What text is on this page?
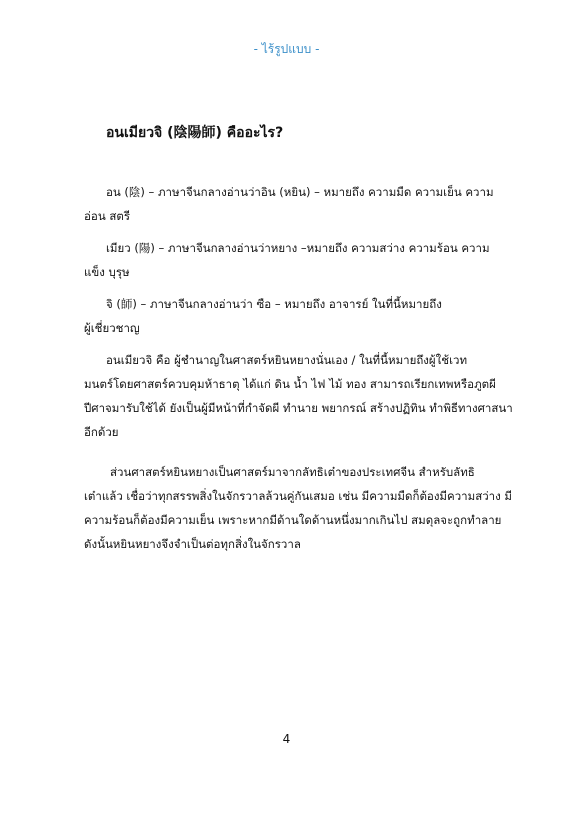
- ไร้รูปแบบ -
อนเมียวจิ (陰陽師) คืออะไร?
อน (陰) – ภาษาจีนกลางอ่านว่าอิน (หยิน) – หมายถึง ความมืด ความเย็น ความ
อ่อน สตรี
เมียว (陽) – ภาษาจีนกลางอ่านว่าหยาง –หมายถึง ความสว่าง ความร้อน ความ
แข็ง บุรุษ
จิ (師) – ภาษาจีนกลางอ่านว่า ซือ – หมายถึง อาจารย์ ในที่นี้หมายถึง
ผู้เชี่ยวชาญ
อนเมียวจิ คือ ผู้ชำนาญในศาสตร์หยินหยางนั่นเอง / ในที่นี้หมายถึงผู้ใช้เวท
มนตร์โดยศาสตร์ควบคุมห้าธาตุ ได้แก่ ดิน น้ำ ไฟ ไม้ ทอง สามารถเรียกเทพหรือภูตผี
ปีศาจมารับใช้ได้ ยังเป็นผู้มีหน้าที่กำจัดผี ทำนาย พยากรณ์ สร้างปฏิทิน ทำพิธีทางศาสนา
อีกด้วย
ส่วนศาสตร์หยินหยางเป็นศาสตร์มาจากลัทธิเต๋าของประเทศจีน สำหรับลัทธิ
เต๋าแล้ว เชื่อว่าทุกสรรพสิ่งในจักรวาลล้วนคู่กันเสมอ เช่น มีความมืดก็ต้องมีความสว่าง มี
ความร้อนก็ต้องมีความเย็น เพราะหากมีด้านใดด้านหนึ่งมากเกินไป สมดุลจะถูกทำลาย
ดังนั้นหยินหยางจึงจำเป็นต่อทุกสิ่งในจักรวาล
4
